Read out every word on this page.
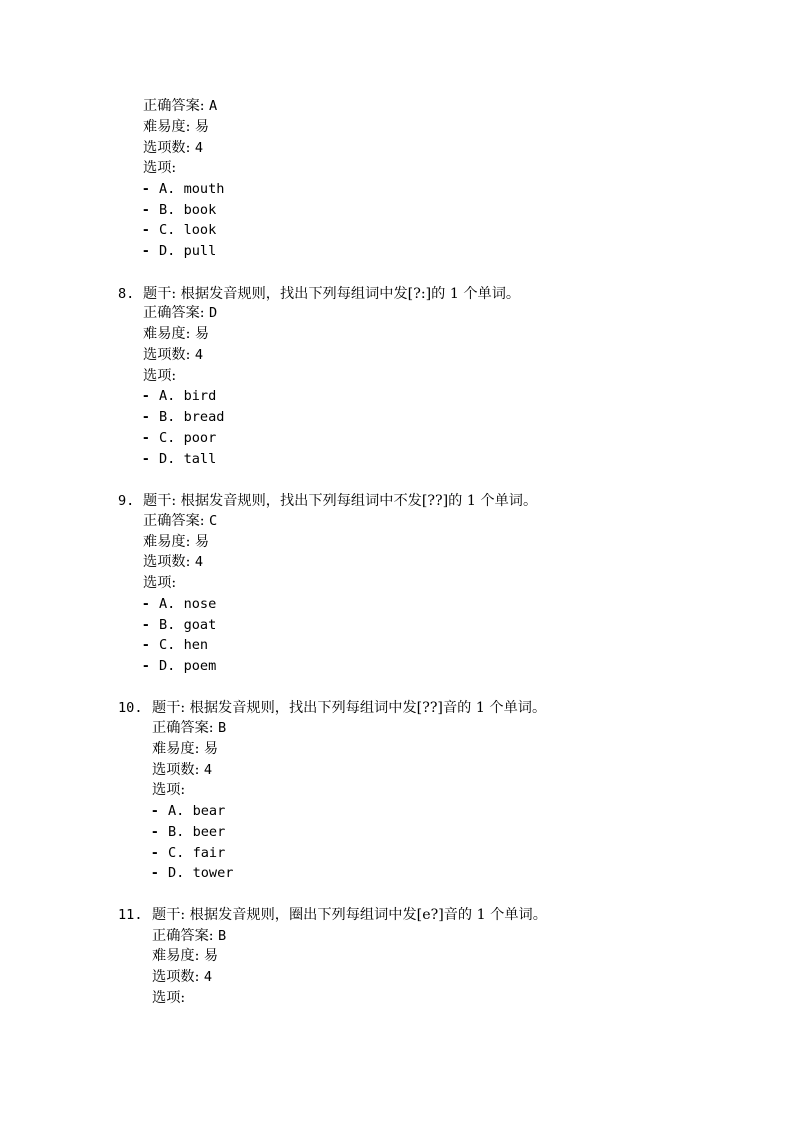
正确答案: A
难易度: 易
选项数: 4
选项:
- A. mouth
- B. book
- C. look
- D. pull
8. 题干: 根据发音规则，找出下列每组词中发[?:]的 1 个单词。
正确答案: D
难易度: 易
选项数: 4
选项:
- A. bird
- B. bread
- C. poor
- D. tall
9. 题干: 根据发音规则，找出下列每组词中不发[??]的 1 个单词。
正确答案: C
难易度: 易
选项数: 4
选项:
- A. nose
- B. goat
- C. hen
- D. poem
10. 题干: 根据发音规则，找出下列每组词中发[??]音的 1 个单词。
正确答案: B
难易度: 易
选项数: 4
选项:
- A. bear
- B. beer
- C. fair
- D. tower
11. 题干: 根据发音规则，圈出下列每组词中发[e?]音的 1 个单词。
正确答案: B
难易度: 易
选项数: 4
选项:
